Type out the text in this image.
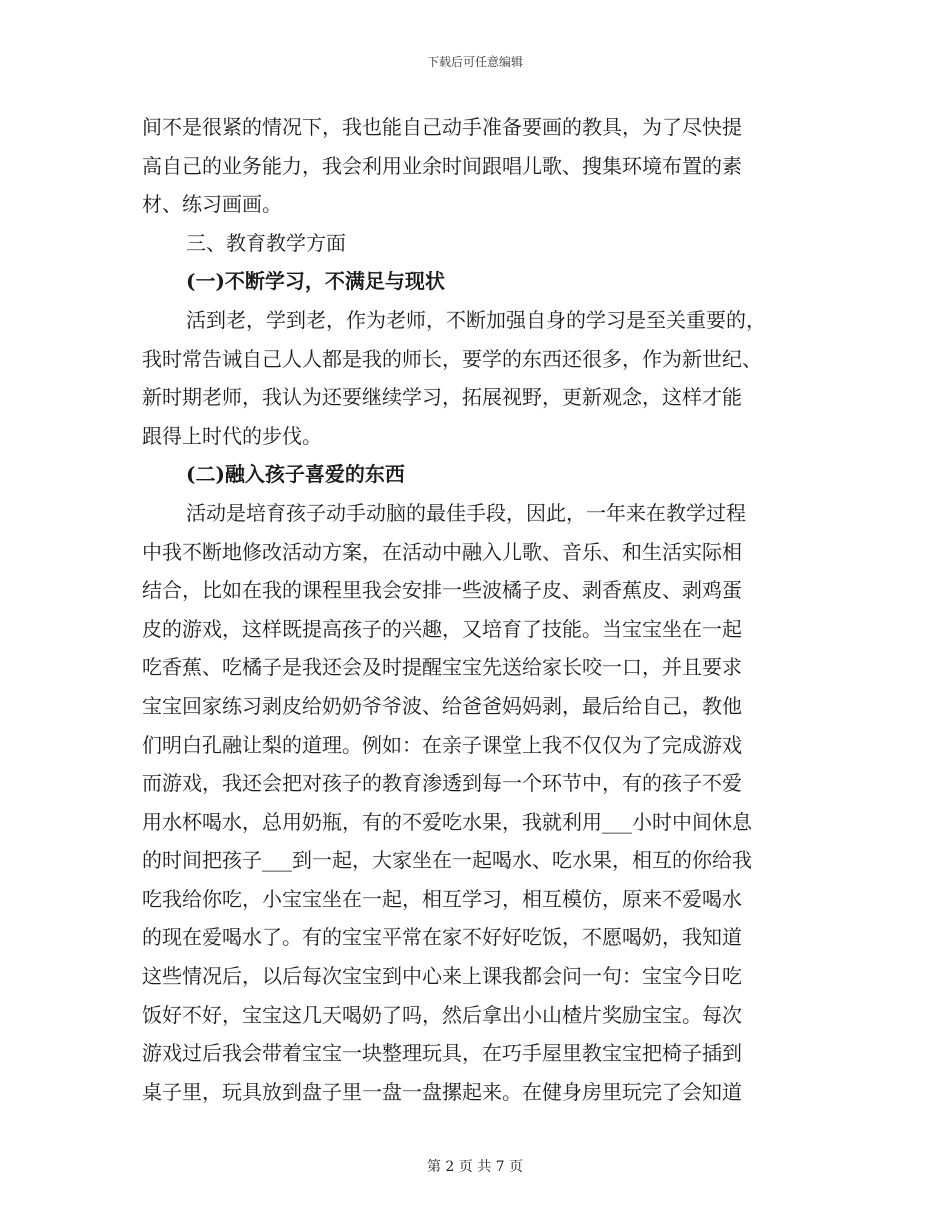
下载后可任意编辑
间不是很紧的情况下，我也能自己动手准备要画的教具，为了尽快提
高自己的业务能力，我会利用业余时间跟唱儿歌、搜集环境布置的素
材、练习画画。
三、教育教学方面
(一)不断学习，不满足与现状
活到老，学到老，作为老师，不断加强自身的学习是至关重要的，
我时常告诫自己人人都是我的师长，要学的东西还很多，作为新世纪、
新时期老师，我认为还要继续学习，拓展视野，更新观念，这样才能
跟得上时代的步伐。
(二)融入孩子喜爱的东西
活动是培育孩子动手动脑的最佳手段，因此，一年来在教学过程
中我不断地修改活动方案，在活动中融入儿歌、音乐、和生活实际相
结合，比如在我的课程里我会安排一些波橘子皮、剥香蕉皮、剥鸡蛋
皮的游戏，这样既提高孩子的兴趣，又培育了技能。当宝宝坐在一起
吃香蕉、吃橘子是我还会及时提醒宝宝先送给家长咬一口，并且要求
宝宝回家练习剥皮给奶奶爷爷波、给爸爸妈妈剥，最后给自己，教他
们明白孔融让梨的道理。例如：在亲子课堂上我不仅仅为了完成游戏
而游戏，我还会把对孩子的教育渗透到每一个环节中，有的孩子不爱
用水杯喝水，总用奶瓶，有的不爱吃水果，我就利用___小时中间休息
的时间把孩子___到一起，大家坐在一起喝水、吃水果，相互的你给我
吃我给你吃，小宝宝坐在一起，相互学习，相互模仿，原来不爱喝水
的现在爱喝水了。有的宝宝平常在家不好好吃饭，不愿喝奶，我知道
这些情况后，以后每次宝宝到中心来上课我都会问一句：宝宝今日吃
饭好不好，宝宝这几天喝奶了吗，然后拿出小山楂片奖励宝宝。每次
游戏过后我会带着宝宝一块整理玩具，在巧手屋里教宝宝把椅子插到
桌子里，玩具放到盘子里一盘一盘摞起来。在健身房里玩完了会知道
第 2 页 共 7 页
